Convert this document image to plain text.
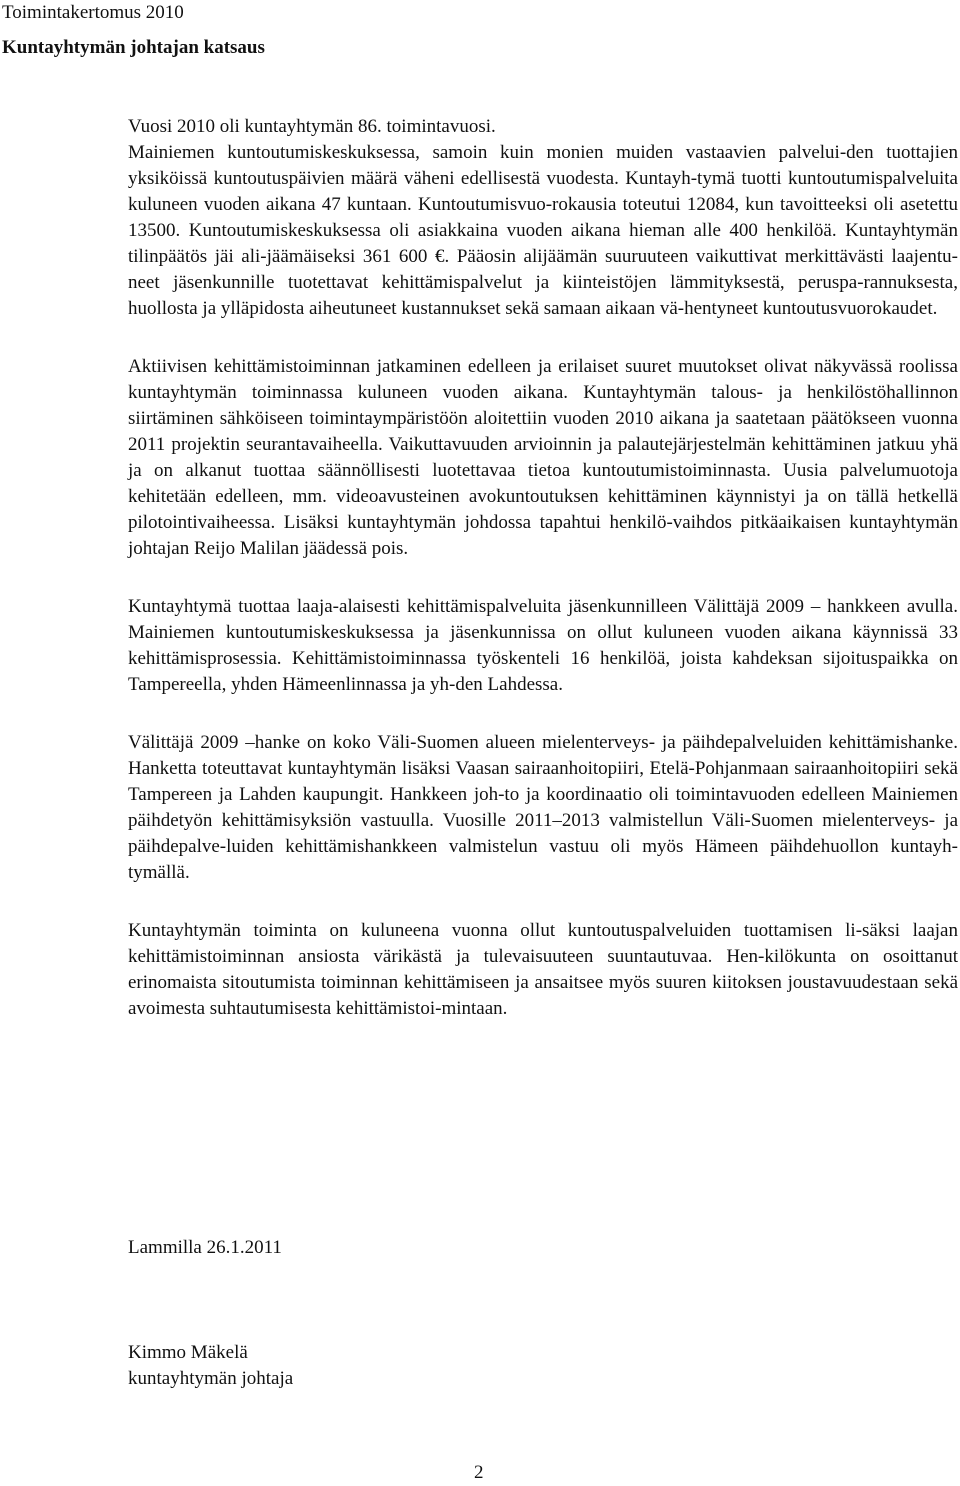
Toimintakertomus 2010

Kuntayhtymän johtajan katsaus

Vuosi 2010 oli kuntayhtymän 86. toimintavuosi.

Mainiemen kuntoutumiskeskuksessa, samoin kuin monien muiden vastaavien palvelui-den tuottajien yksiköissä kuntoutuspäivien määrä väheni edellisestä vuodesta. Kuntayh-tymä tuotti kuntoutumispalveluita kuluneen vuoden aikana 47 kuntaan. Kuntoutumisvuo-rokausia toteutui 12084, kun tavoitteeksi oli asetettu 13500. Kuntoutumiskeskuksessa oli asiakkaina vuoden aikana hieman alle 400 henkilöä. Kuntayhtymän tilinpäätös jäi ali-jäämäiseksi 361 600 €. Pääosin alijäämän suuruuteen vaikuttivat merkittävästi laajentu-neet jäsenkunnille tuotettavat kehittämispalvelut ja kiinteistöjen lämmityksestä, peruspa-rannuksesta, huollosta ja ylläpidosta aiheutuneet kustannukset sekä samaan aikaan vä-hentyneet kuntoutusvuorokaudet.

Aktiivisen kehittämistoiminnan jatkaminen edelleen ja erilaiset suuret muutokset olivat näkyvässä roolissa kuntayhtymän toiminnassa kuluneen vuoden aikana. Kuntayhtymän talous- ja henkilöstöhallinnon siirtäminen sähköiseen toimintaympäristöön aloitettiin vuoden 2010 aikana ja saatetaan päätökseen vuonna 2011 projektin seurantavaiheella. Vaikuttavuuden arvioinnin ja palautejärjestelmän kehittäminen jatkuu yhä ja on alkanut tuottaa säännöllisesti luotettavaa tietoa kuntoutumistoiminnasta. Uusia palvelumuotoja kehitetään edelleen, mm. videoavusteinen avokuntoutuksen kehittäminen käynnistyi ja on tällä hetkellä pilotointivaiheessa. Lisäksi kuntayhtymän johdossa tapahtui henkilö-vaihdos pitkäaikaisen kuntayhtymän johtajan Reijo Malilan jäädessä pois.

Kuntayhtymä tuottaa laaja-alaisesti kehittämispalveluita jäsenkunnilleen Välittäjä 2009 – hankkeen avulla. Mainiemen kuntoutumiskeskuksessa ja jäsenkunnissa on ollut kuluneen vuoden aikana käynnissä 33 kehittämisprosessia. Kehittämistoiminnassa työskenteli 16 henkilöä, joista kahdeksan sijoituspaikka on Tampereella, yhden Hämeenlinnassa ja yh-den Lahdessa.

Välittäjä 2009 –hanke on koko Väli-Suomen alueen mielenterveys- ja päihdepalveluiden kehittämishanke. Hanketta toteuttavat kuntayhtymän lisäksi Vaasan sairaanhoitopiiri, Etelä-Pohjanmaan sairaanhoitopiiri sekä Tampereen ja Lahden kaupungit. Hankkeen joh-to ja koordinaatio oli toimintavuoden edelleen Mainiemen päihdetyön kehittämisyksiön vastuulla. Vuosille 2011–2013 valmistellun Väli-Suomen mielenterveys- ja päihdepalve-luiden kehittämishankkeen valmistelun vastuu oli myös Hämeen päihdehuollon kuntayh-tymällä.

Kuntayhtymän toiminta on kuluneena vuonna ollut kuntoutuspalveluiden tuottamisen li-säksi laajan kehittämistoiminnan ansiosta värikästä ja tulevaisuuteen suuntautuvaa. Hen-kilökunta on osoittanut erinomaista sitoutumista toiminnan kehittämiseen ja ansaitsee myös suuren kiitoksen joustavuudestaan sekä avoimesta suhtautumisesta kehittämistoi-mintaan.

Lammilla 26.1.2011

Kimmo Mäkelä

kuntayhtymän johtaja

2
